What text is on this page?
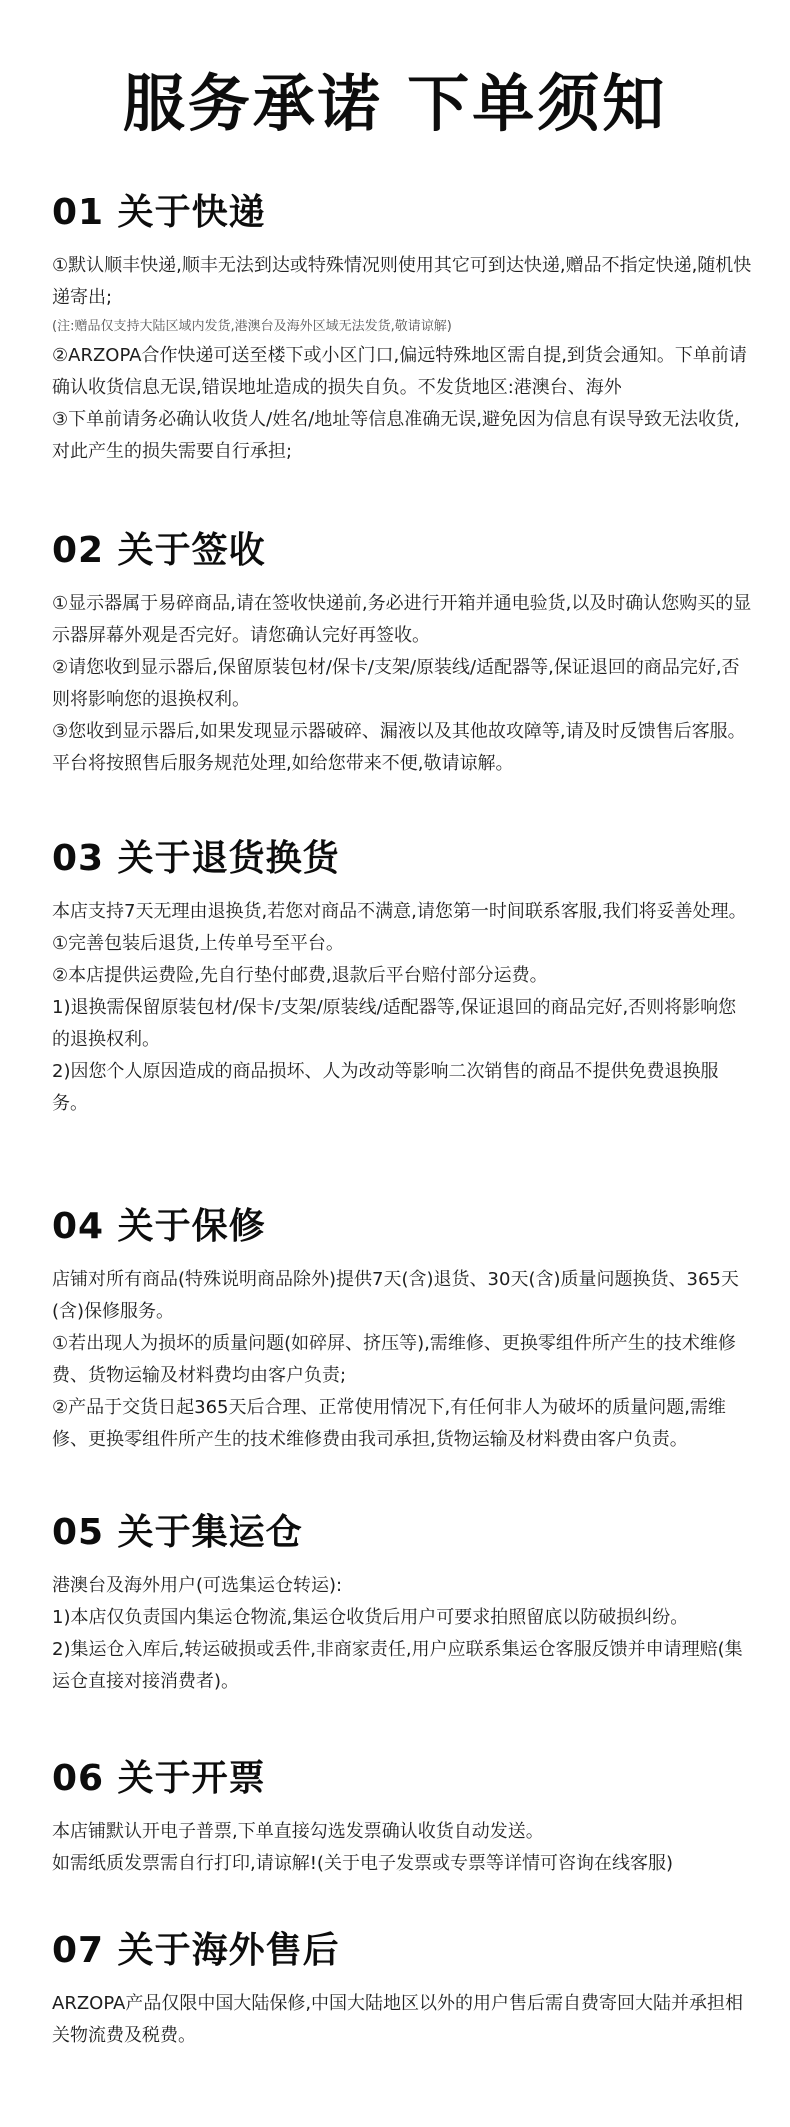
服务承诺 下单须知
01 关于快递

①默认顺丰快递,顺丰无法到达或特殊情况则使用其它可到达快递,赠品不指定快递,随机快递寄出;

(注:赠品仅支持大陆区域内发货,港澳台及海外区域无法发货,敬请谅解)

②ARZOPA合作快递可送至楼下或小区门口,偏远特殊地区需自提,到货会通知。下单前请确认收货信息无误,错误地址造成的损失自负。不发货地区:港澳台、海外

③下单前请务必确认收货人/姓名/地址等信息准确无误,避免因为信息有误导致无法收货,对此产生的损失需要自行承担;

02 关于签收

①显示器属于易碎商品,请在签收快递前,务必进行开箱并通电验货,以及时确认您购买的显示器屏幕外观是否完好。请您确认完好再签收。

②请您收到显示器后,保留原装包材/保卡/支架/原装线/适配器等,保证退回的商品完好,否则将影响您的退换权利。

③您收到显示器后,如果发现显示器破碎、漏液以及其他故攻障等,请及时反馈售后客服。平台将按照售后服务规范处理,如给您带来不便,敬请谅解。

03 关于退货换货

本店支持7天无理由退换货,若您对商品不满意,请您第一时间联系客服,我们将妥善处理。

①完善包装后退货,上传单号至平台。

②本店提供运费险,先自行垫付邮费,退款后平台赔付部分运费。

1)退换需保留原装包材/保卡/支架/原装线/适配器等,保证退回的商品完好,否则将影响您的退换权利。

2)因您个人原因造成的商品损坏、人为改动等影响二次销售的商品不提供免费退换服务。

04 关于保修

店铺对所有商品(特殊说明商品除外)提供7天(含)退货、30天(含)质量问题换货、365天(含)保修服务。

①若出现人为损坏的质量问题(如碎屏、挤压等),需维修、更换零组件所产生的技术维修费、货物运输及材料费均由客户负责;

②产品于交货日起365天后合理、正常使用情况下,有任何非人为破坏的质量问题,需维修、更换零组件所产生的技术维修费由我司承担,货物运输及材料费由客户负责。

05 关于集运仓

港澳台及海外用户(可选集运仓转运):

1)本店仅负责国内集运仓物流,集运仓收货后用户可要求拍照留底以防破损纠纷。

2)集运仓入库后,转运破损或丢件,非商家责任,用户应联系集运仓客服反馈并申请理赔(集运仓直接对接消费者)。

06 关于开票

本店铺默认开电子普票,下单直接勾选发票确认收货自动发送。

如需纸质发票需自行打印,请谅解!(关于电子发票或专票等详情可咨询在线客服)

07 关于海外售后

ARZOPA产品仅限中国大陆保修,中国大陆地区以外的用户售后需自费寄回大陆并承担相关物流费及税费。
